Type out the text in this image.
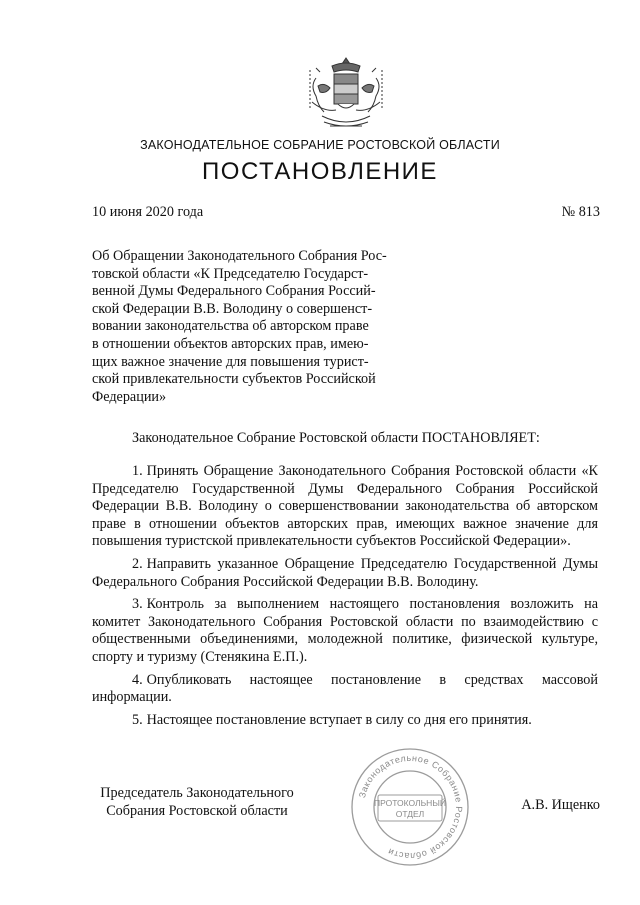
ЗАКОНОДАТЕЛЬНОЕ СОБРАНИЕ РОСТОВСКОЙ ОБЛАСТИ
ПОСТАНОВЛЕНИЕ
10 июня 2020 года	№ 813
Об Обращении Законодательного Собрания Рос-
товской области «К Председателю Государст-
венной Думы Федерального Собрания Россий-
ской Федерации В.В. Володину о совершенст-
вовании законодательства об авторском праве
в отношении объектов авторских прав, имею-
щих важное значение для повышения турист-
ской привлекательности субъектов Российской
Федерации»
Законодательное Собрание Ростовской области ПОСТАНОВЛЯЕТ:

1. Принять Обращение Законодательного Собрания Ростовской области «К Председателю Государственной Думы Федерального Собрания Российской Федерации В.В. Володину о совершенствовании законодательства об авторском праве в отношении объектов авторских прав, имеющих важное значение для повышения туристской привлекательности субъектов Российской Федерации».

2. Направить указанное Обращение Председателю Государственной Думы Федерального Собрания Российской Федерации В.В. Володину.

3. Контроль за выполнением настоящего постановления возложить на комитет Законодательного Собрания Ростовской области по взаимодействию с общественными объединениями, молодежной политике, физической культуре, спорту и туризму (Стенякина Е.П.).

4. Опубликовать настоящее постановление в средствах массовой информации.

5. Настоящее постановление вступает в силу со дня его принятия.

Председатель Законодательного
Собрания Ростовской области	А.В. Ищенко
Законодательное Собрание Ростовской области
ПРОТОКОЛЬНЫЙ
ОТДЕЛ
